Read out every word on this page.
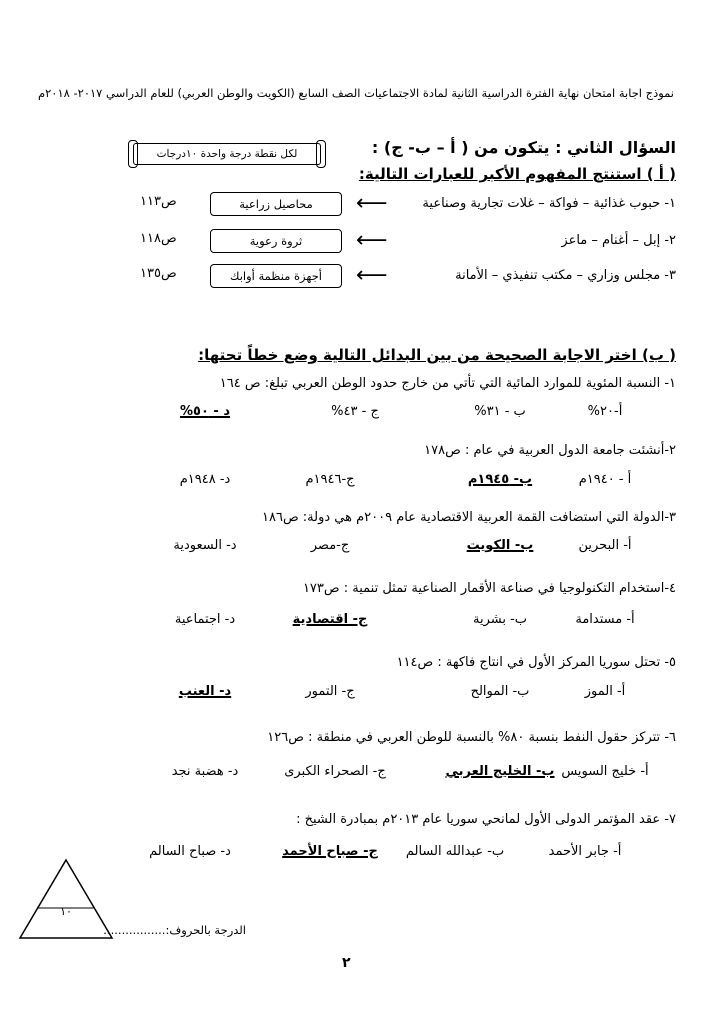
نموذج اجابة امتحان نهاية الفترة الدراسية الثانية لمادة الاجتماعيات الصف السابع (الكويت والوطن العربي) للعام الدراسي ٢٠١٧- ٢٠١٨م
السؤال الثاني : يتكون من ( أ – ب- ج) :
لكل نقطة درجة واحدة ١٠درجات
( أ ) استنتج المفهوم الأكبر للعبارات التالية:
١- حبوب غذائية – فواكة – غلات تجارية وصناعية
⟵
محاصيل زراعية
ص١١٣
٢- إبل – أغنام – ماعز
⟵
ثروة رعوية
ص١١٨
٣- مجلس وزاري – مكتب تنفيذي – الأمانة
⟵
أجهزة منظمة أوابك
ص١٣٥
( ب) اختر الاجابة الصحيحة من بين البدائل التالية وضع خطاً تحتها:
١- النسبة المئوية للموارد المائية التي تأتي من خارج حدود الوطن العربي تبلغ: ص ١٦٤
أ-٢٠%
ب - ٣١%
ج - ٤٣%
د - ٥٠%
٢-أنشئت جامعة الدول العربية في عام : ص١٧٨
أ - ١٩٤٠م
ب- ١٩٤٥م
ج-١٩٤٦م
د- ١٩٤٨م
٣-الدولة التي استضافت القمة العربية الاقتصادية عام ٢٠٠٩م هي دولة: ص١٨٦
أ- البحرين
ب- الكويت
ج-مصر
د- السعودية
٤-استخدام التكنولوجيا في صناعة الأقمار الصناعية تمثل تنمية : ص١٧٣
أ- مستدامة
ب- بشرية
ج- اقتصادية
د- اجتماعية
٥- تحتل سوريا المركز الأول في انتاج فاكهة : ص١١٤
أ- الموز
ب- الموالح
ج- التمور
د- العنب
٦- تتركز حقول النفط بنسبة ٨٠% بالنسبة للوطن العربي في منطقة : ص١٢٦
أ- خليج السويس
ب- الخليج العربي
ج- الصحراء الكبرى
د- هضبة نجد
٧- عقد المؤتمر الدولى الأول لمانحي سوريا عام ٢٠١٣م بمبادرة الشيخ :
أ- جابر الأحمد
ب- عبدالله السالم
ج- صباح الأحمد
د- صباح السالم
١٠
الدرجة بالحروف:.................
٢
